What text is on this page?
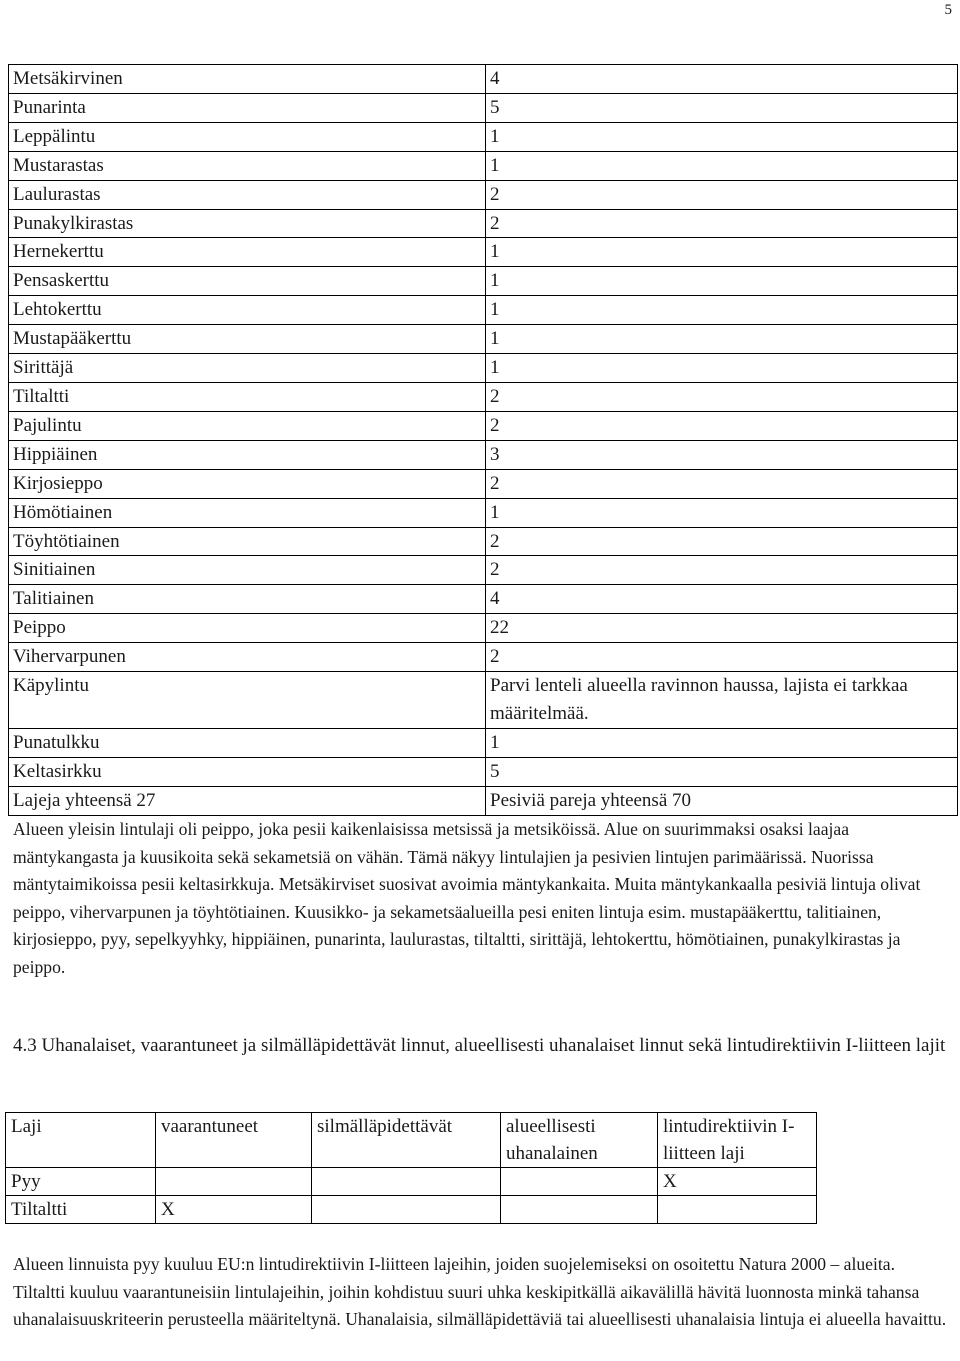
5
Metsäkirvinen	4
Punarinta	5
Leppälintu	1
Mustarastas	1
Laulurastas	2
Punakylkirastas	2
Hernekerttu	1
Pensaskerttu	1
Lehtokerttu	1
Mustapääkerttu	1
Sirittäjä	1
Tiltaltti	2
Pajulintu	2
Hippiäinen	3
Kirjosieppo	2
Hömötiainen	1
Töyhtötiainen	2
Sinitiainen	2
Talitiainen	4
Peippo	22
Vihervarpunen	2
Käpylintu	Parvi lenteli alueella ravinnon haussa, lajista ei tarkkaa määritelmää.
Punatulkku	1
Keltasirkku	5
Lajeja yhteensä 27	Pesiviä pareja yhteensä 70

Alueen yleisin lintulaji oli peippo, joka pesii kaikenlaisissa metsissä ja metsiköissä. Alue on suurimmaksi osaksi laajaa mäntykangasta ja kuusikoita sekä sekametsiä on vähän. Tämä näkyy lintulajien ja pesivien lintujen parimäärissä. Nuorissa mäntytaimikoissa pesii keltasirkkuja. Metsäkirviset suosivat avoimia mäntykankaita. Muita mäntykankaalla pesiviä lintuja olivat peippo, vihervarpunen ja töyhtötiainen. Kuusikko- ja sekametsäalueilla pesi eniten lintuja esim. mustapääkerttu, talitiainen, kirjosieppo, pyy, sepelkyyhky, hippiäinen, punarinta, laulurastas, tiltaltti, sirittäjä, lehtokerttu, hömötiainen, punakylkirastas ja peippo.

4.3 Uhanalaiset, vaarantuneet ja silmälläpidettävät linnut, alueellisesti uhanalaiset linnut sekä lintudirektiivin I-liitteen lajit
Laji	vaarantuneet	silmälläpidettävät	alueellisesti uhanalainen	lintudirektiivin I-liitteen laji
Pyy				X
Tiltaltti	X			

Alueen linnuista pyy kuuluu EU:n lintudirektiivin I-liitteen lajeihin, joiden suojelemiseksi on osoitettu Natura 2000 – alueita. Tiltaltti kuuluu vaarantuneisiin lintulajeihin, joihin kohdistuu suuri uhka keskipitkällä aikavälillä hävitä luonnosta minkä tahansa uhanalaisuuskriteerin perusteella määriteltynä. Uhanalaisia, silmälläpidettäviä tai alueellisesti uhanalaisia lintuja ei alueella havaittu.
